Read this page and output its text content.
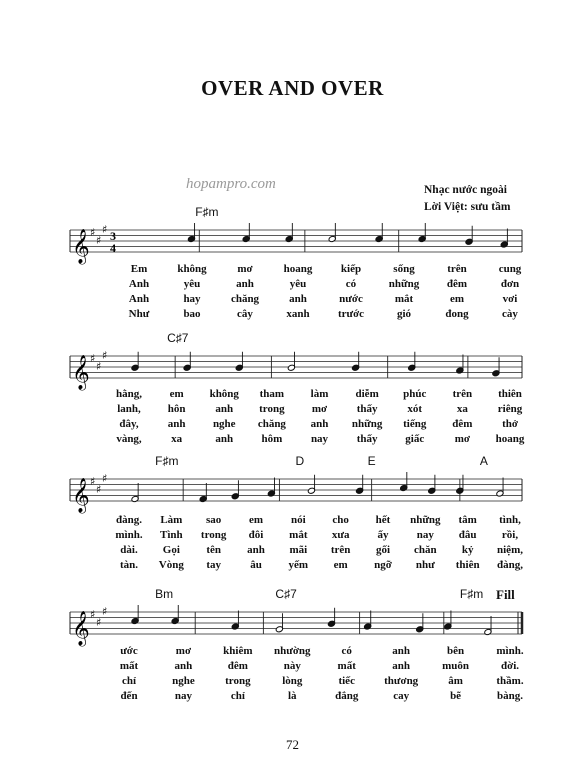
OVER AND OVER
hopampro.com	Nhạc nước ngoài
Lời Việt: sưu tầm
𝄞 ♯
♯
♯ 3
4
F♯m
Em	không	mơ	hoang	kiếp	sống	trên	cung
Anh	yêu	anh	yêu	có	những	đêm	đơn
Anh	hay	chăng	anh	nước	mắt	em	vơi
Như	bao	cây	xanh	trước	gió	đong	cày
𝄞 ♯
♯
♯
C♯7
hằng,	em không tham làm diễm phúc trên thiên
lanh, hôn	anh trong mơ	thấy	xót	xa	riêng
đây,	anh nghe chăng anh những tiếng đêm	thở
vàng,	xa	anh	hôm	nay	thấy	giấc	mơ hoang
𝄞 ♯
♯
♯
F♯m	D	E	A
đàng. Làm sao	em	nói cho hết những tâm tình,
mình. Tình trong đôi mắt xưa	ấy	nay đâu rồi,
dài. Gọi tên anh mãi trên gối chăn kỷ niệm,
tàn. Vòng tay	âu yếm em ngỡ như thiên đàng,
𝄞 ♯
♯
♯
Bm	C♯7	F♯m Fill
ước	mơ	khiêm nhường	có	anh	bên	mình.
mất	anh	đêm	này	mất	anh	muôn	đời.
chỉ	nghe	trong	lòng	tiếc	thương	âm	thầm.
đến	nay	chỉ	là	đắng	cay	bẽ	bàng.
72
